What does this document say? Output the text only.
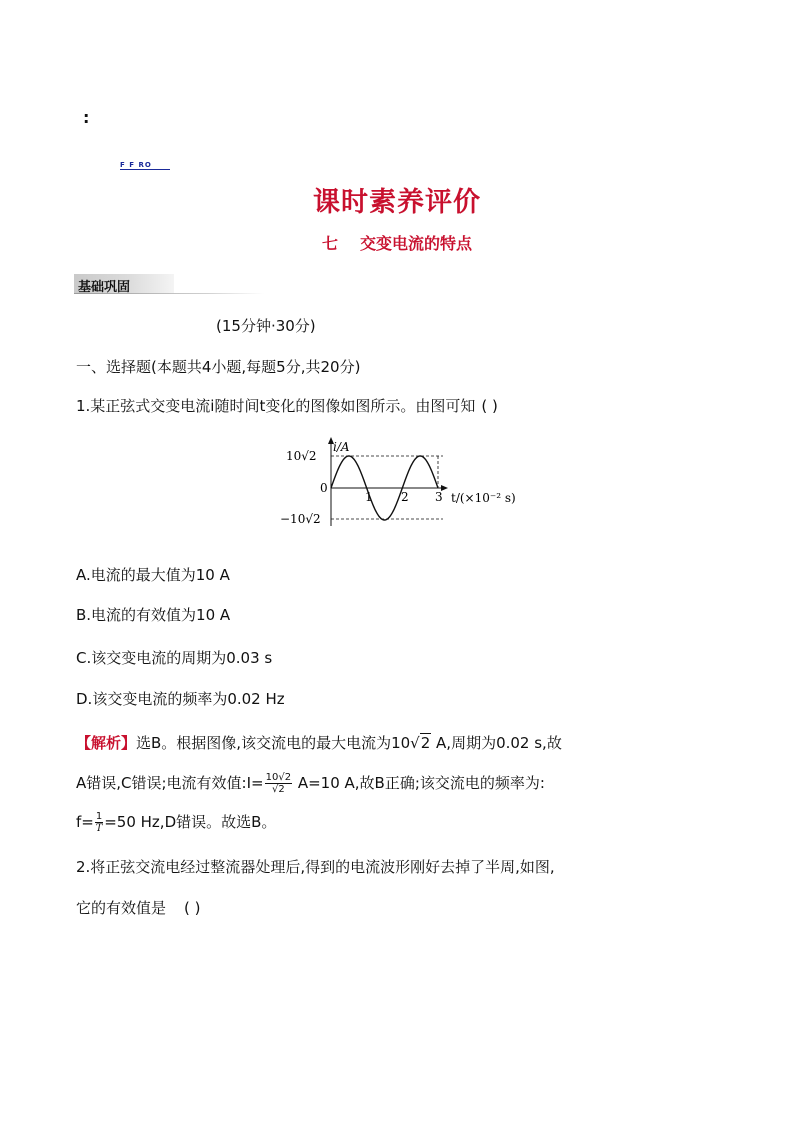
:
F F RO
课时素养评价
七 交变电流的特点
基础巩固
(15分钟·30分)
一、选择题(本题共4小题,每题5分,共20分)
1.某正弦式交变电流i随时间t变化的图像如图所示。由图可知 ( )
i/A
10√2
0
−10√2
1 2 3 t/(×10⁻² s)
A.电流的最大值为10 A
B.电流的有效值为10 A
C.该交变电流的周期为0.03 s
D.该交变电流的频率为0.02 Hz
【解析】选B。根据图像,该交流电的最大电流为10√2 A,周期为0.02 s,故
A错误,C错误;电流有效值:I= $\frac{10√2}{√2} A=10$ A,故B正确;该交流电的频率为:
$f= \frac{1}{T} =50$ Hz,D错误。故选B。
2.将正弦交流电经过整流器处理后,得到的电流波形刚好去掉了半周,如图,
它的有效值是 ( )
